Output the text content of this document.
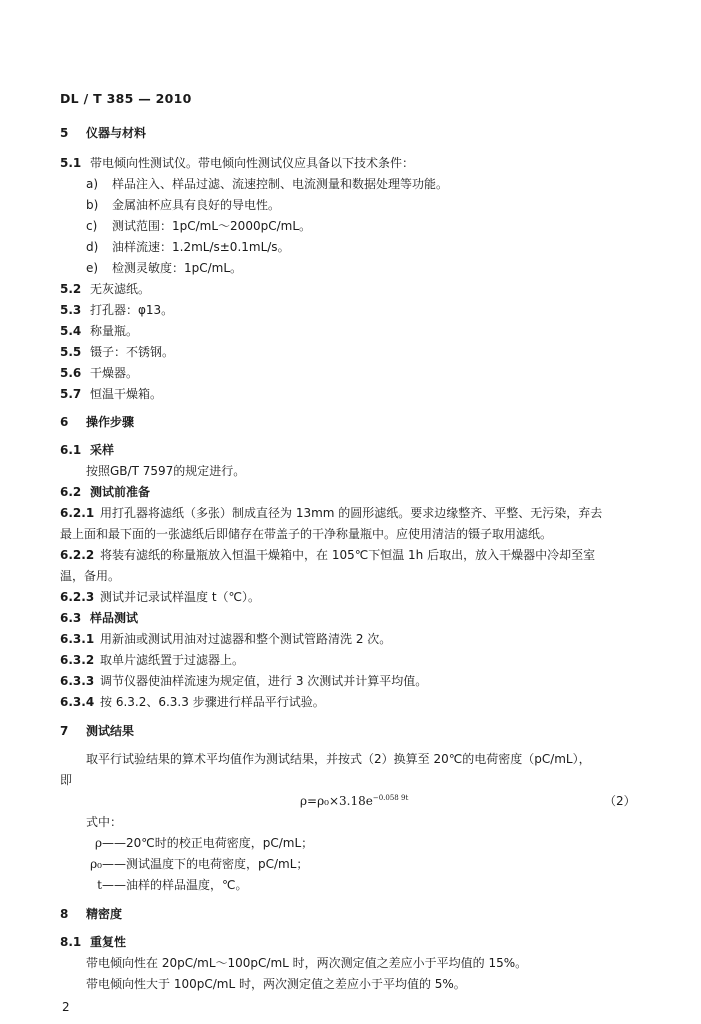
DL / T 385 — 2010
5 仪器与材料
5.1 带电倾向性测试仪。带电倾向性测试仪应具备以下技术条件：
a) 样品注入、样品过滤、流速控制、电流测量和数据处理等功能。
b) 金属油杯应具有良好的导电性。
c) 测试范围：1pC/mL～2000pC/mL。
d) 油样流速：1.2mL/s±0.1mL/s。
e) 检测灵敏度：1pC/mL。
5.2 无灰滤纸。
5.3 打孔器：φ13。
5.4 称量瓶。
5.5 镊子：不锈钢。
5.6 干燥器。
5.7 恒温干燥箱。
6 操作步骤
6.1 采样
按照GB/T 7597的规定进行。
6.2 测试前准备
6.2.1 用打孔器将滤纸（多张）制成直径为 13mm 的圆形滤纸。要求边缘整齐、平整、无污染，弃去
最上面和最下面的一张滤纸后即储存在带盖子的干净称量瓶中。应使用清洁的镊子取用滤纸。
6.2.2 将装有滤纸的称量瓶放入恒温干燥箱中，在 105℃下恒温 1h 后取出，放入干燥器中冷却至室
温，备用。
6.2.3 测试并记录试样温度 t（℃）。
6.3 样品测试
6.3.1 用新油或测试用油对过滤器和整个测试管路清洗 2 次。
6.3.2 取单片滤纸置于过滤器上。
6.3.3 调节仪器使油样流速为规定值，进行 3 次测试并计算平均值。
6.3.4 按 6.3.2、6.3.3 步骤进行样品平行试验。
7 测试结果
取平行试验结果的算术平均值作为测试结果，并按式（2）换算至 20℃的电荷密度（pC/mL），
即
$\rho=\rho_0\times 3.18e^{-0.058 9t}$	（2）
式中：
ρ——20℃时的校正电荷密度，pC/mL；
ρ₀——测试温度下的电荷密度，pC/mL；
t——油样的样品温度，℃。
8 精密度
8.1 重复性
带电倾向性在 20pC/mL～100pC/mL 时，两次测定值之差应小于平均值的 15%。
带电倾向性大于 100pC/mL 时，两次测定值之差应小于平均值的 5%。
2
